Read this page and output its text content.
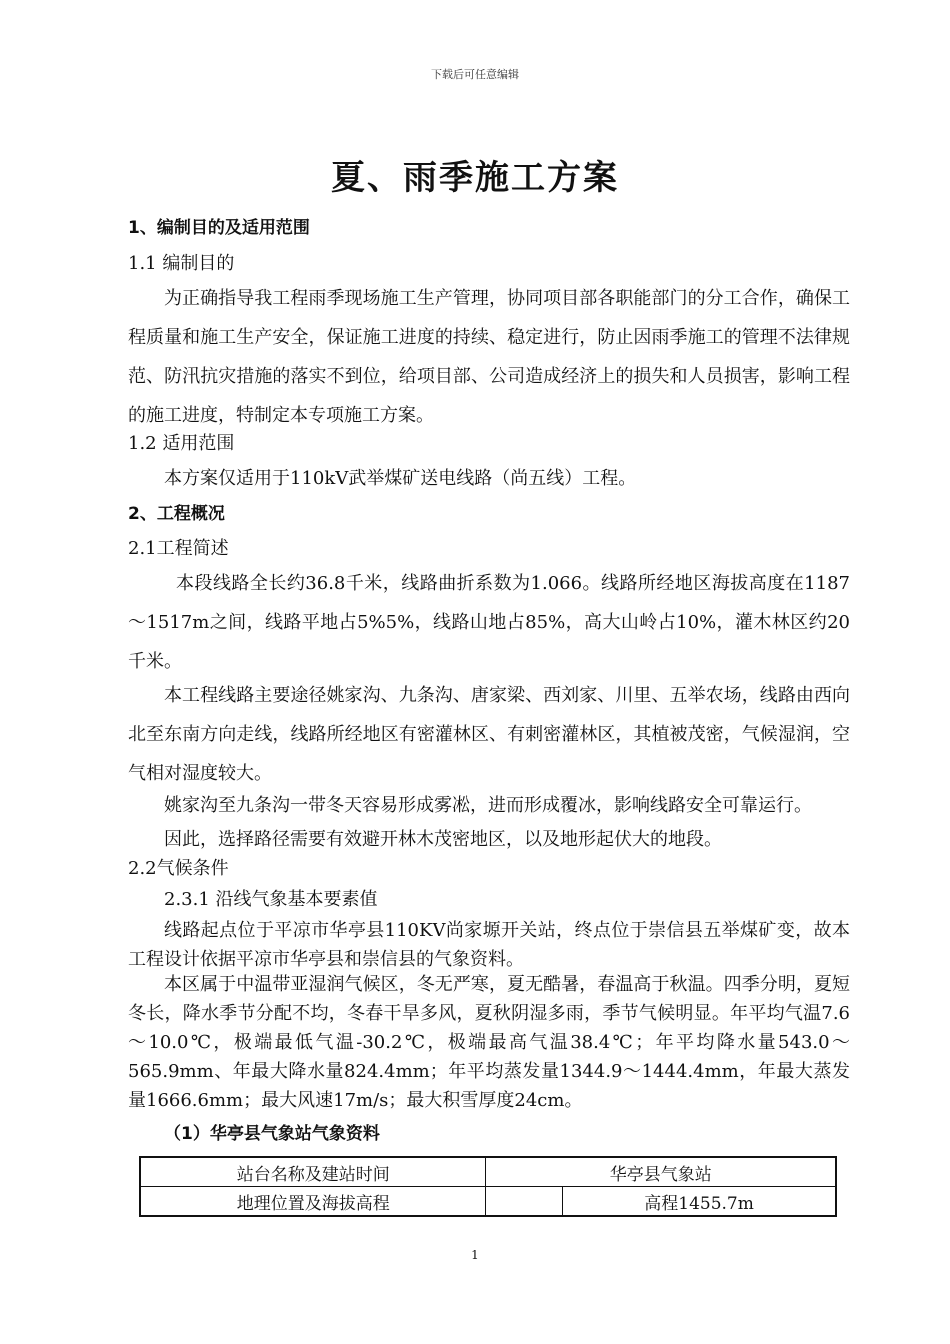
下载后可任意编辑
夏、雨季施工方案
1、编制目的及适用范围
1.1 编制目的
为正确指导我工程雨季现场施工生产管理，协同项目部各职能部门的分工合作，确保工程质量和施工生产安全，保证施工进度的持续、稳定进行，防止因雨季施工的管理不法律规范、防汛抗灾措施的落实不到位，给项目部、公司造成经济上的损失和人员损害，影响工程的施工进度，特制定本专项施工方案。
1.2 适用范围
本方案仅适用于110kV武举煤矿送电线路（尚五线）工程。
2、工程概况
2.1工程简述
本段线路全长约36.8千米，线路曲折系数为1.066。线路所经地区海拔高度在1187～1517m之间，线路平地占5%5%，线路山地占85%，高大山岭占10%，灌木林区约20千米。
本工程线路主要途径姚家沟、九条沟、唐家梁、西刘家、川里、五举农场，线路由西向北至东南方向走线，线路所经地区有密灌林区、有刺密灌林区，其植被茂密，气候湿润，空气相对湿度较大。
姚家沟至九条沟一带冬天容易形成雾凇，进而形成覆冰，影响线路安全可靠运行。
因此，选择路径需要有效避开林木茂密地区，以及地形起伏大的地段。
2.2气候条件
2.3.1 沿线气象基本要素值
线路起点位于平凉市华亭县110KV尚家塬开关站，终点位于崇信县五举煤矿变，故本工程设计依据平凉市华亭县和崇信县的气象资料。
本区属于中温带亚湿润气候区，冬无严寒，夏无酷暑，春温高于秋温。四季分明，夏短冬长，降水季节分配不均，冬春干旱多风，夏秋阴湿多雨，季节气候明显。年平均气温7.6～10.0℃，极端最低气温-30.2℃，极端最高气温38.4℃；年平均降水量543.0～565.9mm、年最大降水量824.4mm；年平均蒸发量1344.9～1444.4mm，年最大蒸发量1666.6mm；最大风速17m/s；最大积雪厚度24cm。
（1）华亭县气象站气象资料
站台名称及建站时间	华亭县气象站	
地理位置及海拔高程		高程1455.7m
1
